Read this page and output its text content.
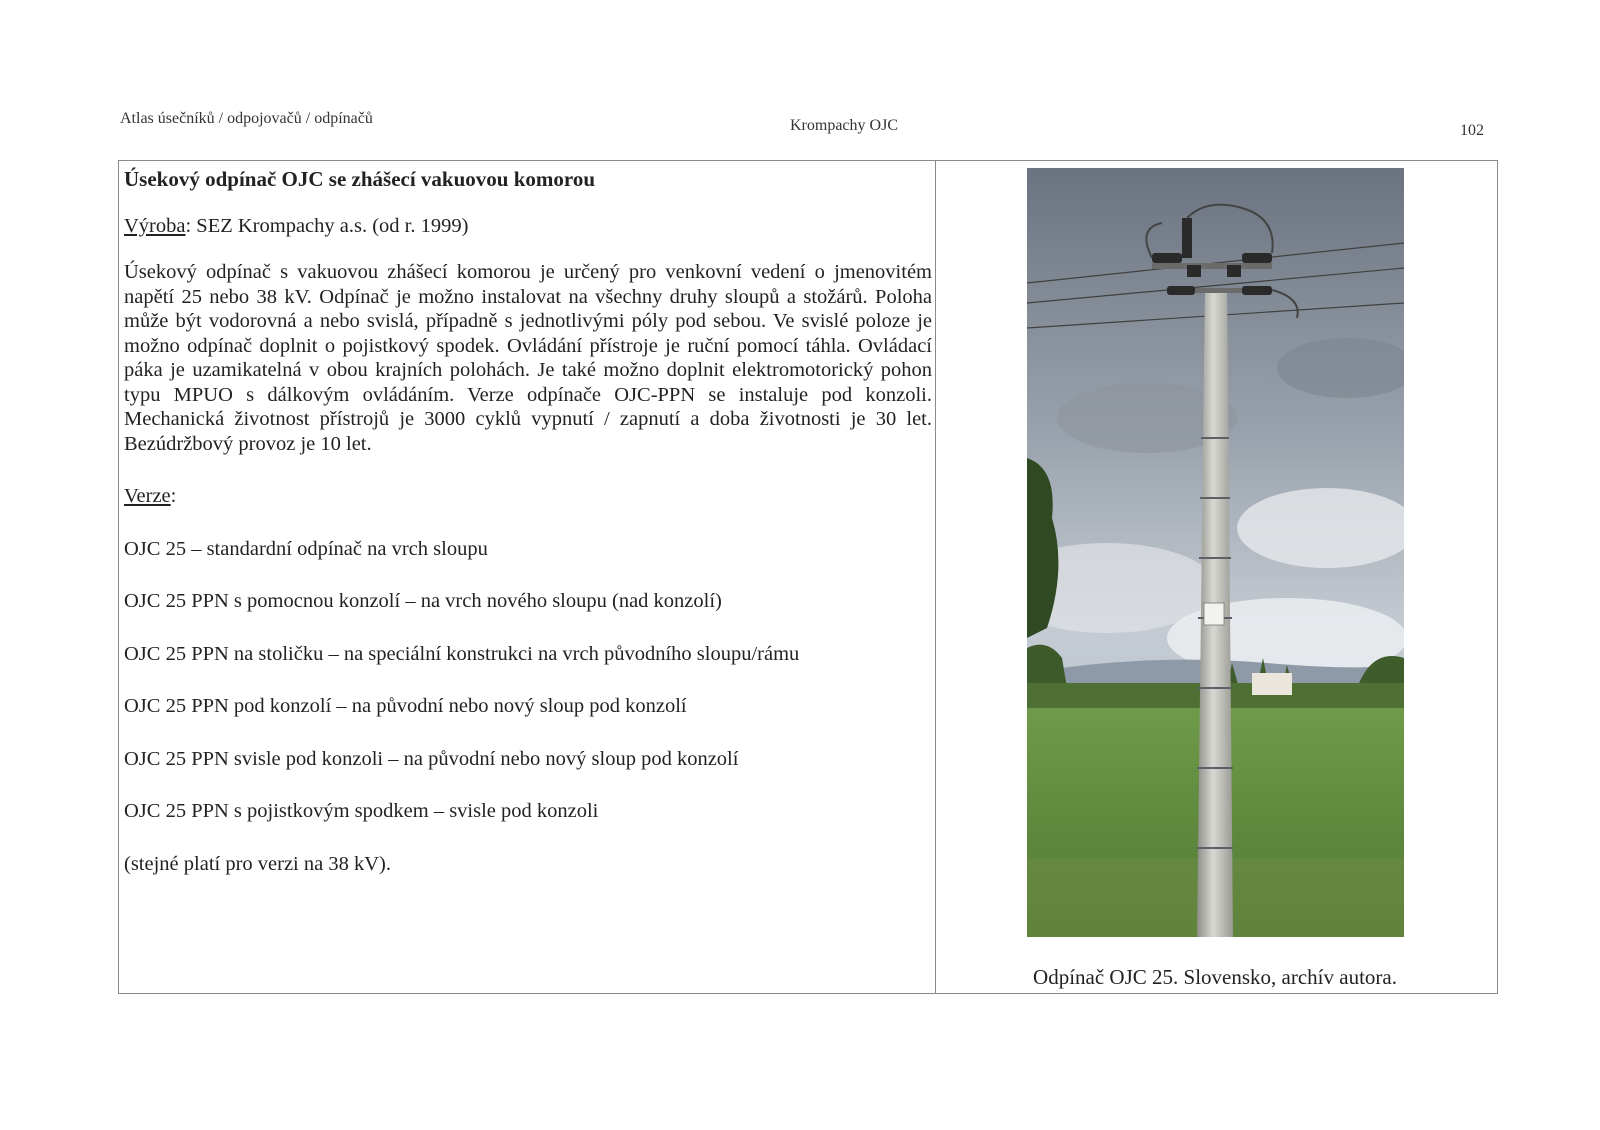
Atlas úsečníků / odpojovačů / odpínačů	Krompachy OJC	102
Úsekový odpínač OJC se zhášecí vakuovou komorou
Výroba: SEZ Krompachy a.s. (od r. 1999)
Úsekový odpínač s vakuovou zhášecí komorou je určený pro venkovní vedení o jmenovitém napětí 25 nebo 38 kV. Odpínač je možno instalovat na všechny druhy sloupů a stožárů. Poloha může být vodorovná a nebo svislá, případně s jednotlivými póly pod sebou. Ve svislé poloze je možno odpínač doplnit o pojistkový spodek. Ovládání přístroje je ruční pomocí táhla. Ovládací páka je uzamikatelná v obou krajních polohách. Je také možno doplnit elektromotorický pohon typu MPUO s dálkovým ovládáním. Verze odpínače OJC-PPN se instaluje pod konzoli. Mechanická životnost přístrojů je 3000 cyklů vypnutí / zapnutí a doba životnosti je 30 let. Bezúdržbový provoz je 10 let.
Verze:
OJC 25 – standardní odpínač na vrch sloupu
OJC 25 PPN s pomocnou konzolí – na vrch nového sloupu (nad konzolí)
OJC 25 PPN na stoličku – na speciální konstrukci na vrch původního sloupu/rámu
OJC 25 PPN pod konzolí – na původní nebo nový sloup pod konzolí
OJC 25 PPN svisle pod konzoli – na původní nebo nový sloup pod konzolí
OJC 25 PPN s pojistkovým spodkem – svisle pod konzoli
(stejné platí pro verzi na 38 kV).
Odpínač OJC 25. Slovensko, archív autora.
